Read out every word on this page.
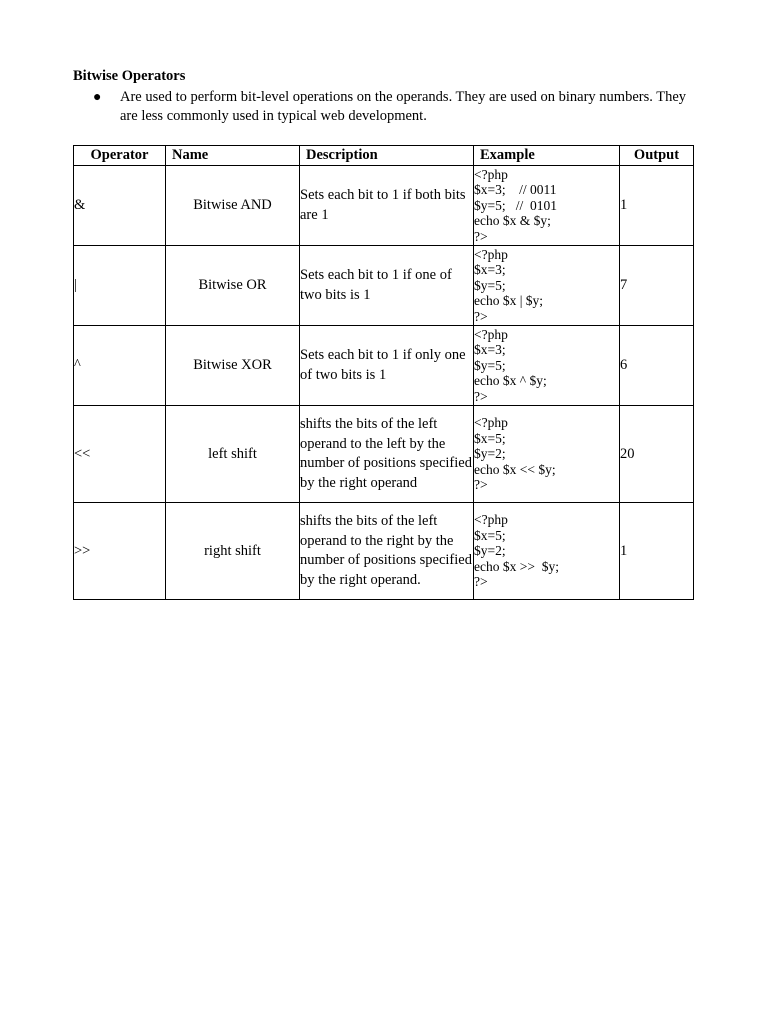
Bitwise Operators
●	Are used to perform bit-level operations on the operands. They are used on binary numbers. They are less commonly used in typical web development.
Operator	Name	Description	Example	Output
&	Bitwise AND	Sets each bit to 1 if both bits are 1	<?php
$x=3;    // 0011
$y=5;   //  0101
echo $x & $y;
?>	1
|	Bitwise OR	Sets each bit to 1 if one of two bits is 1	<?php
$x=3;
$y=5;
echo $x | $y;
?>	7
^	Bitwise XOR	Sets each bit to 1 if only one of two bits is 1	<?php
$x=3;
$y=5;
echo $x ^ $y;
?>	6
<<	left shift	shifts the bits of the left operand to the left by the number of positions specified by the right operand	<?php
$x=5;
$y=2;
echo $x << $y;
?>	20
>>	right shift	shifts the bits of the left operand to the right by the number of positions specified by the right operand.	<?php
$x=5;
$y=2;
echo $x >>  $y;
?>	1
